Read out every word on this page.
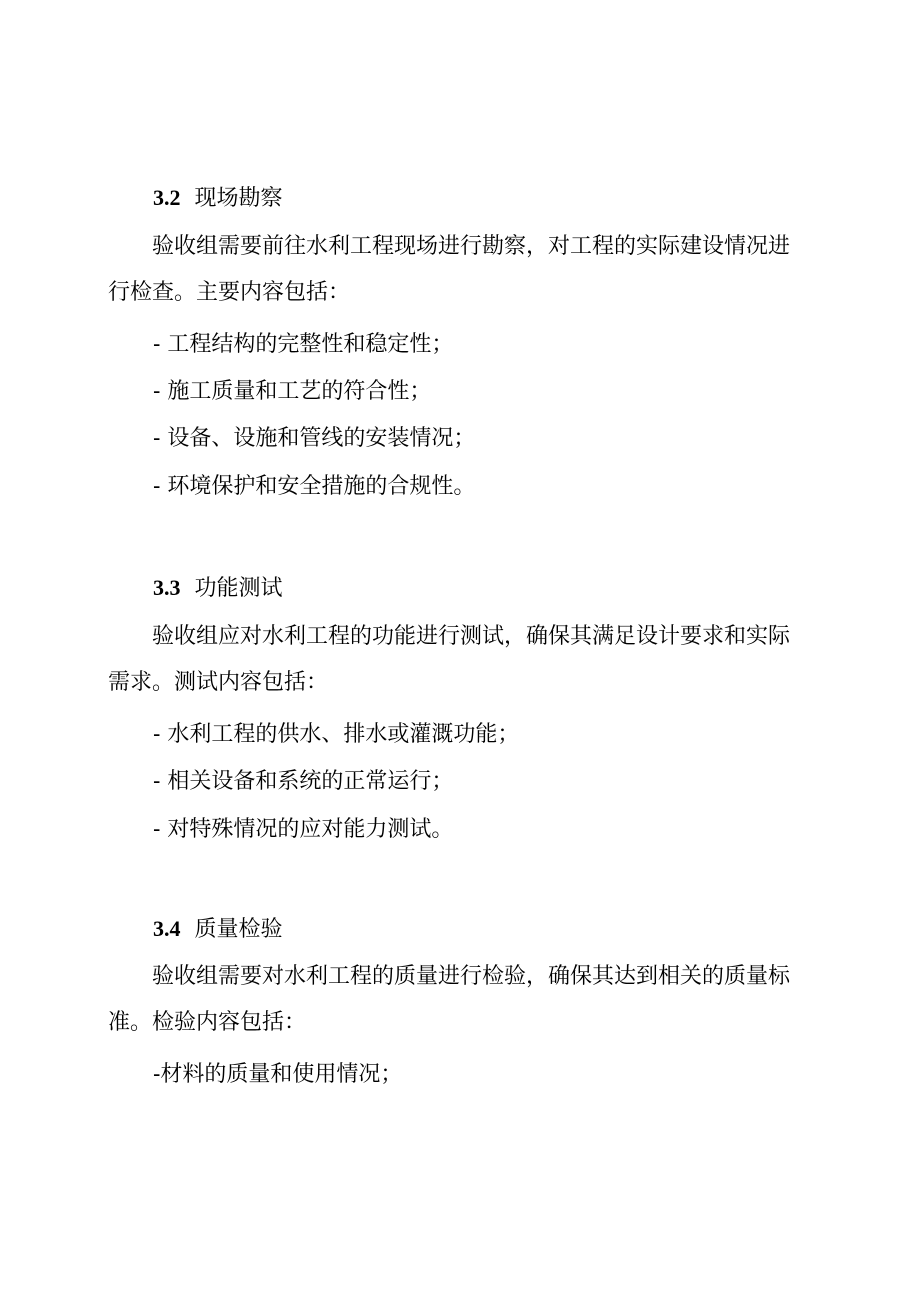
3.2 现场勘察

验收组需要前往水利工程现场进行勘察，对工程的实际建设情况进行检查。主要内容包括：

- 工程结构的完整性和稳定性；
- 施工质量和工艺的符合性；
- 设备、设施和管线的安装情况；
- 环境保护和安全措施的合规性。
3.3 功能测试

验收组应对水利工程的功能进行测试，确保其满足设计要求和实际需求。测试内容包括：

- 水利工程的供水、排水或灌溉功能；
- 相关设备和系统的正常运行；
- 对特殊情况的应对能力测试。
3.4 质量检验

验收组需要对水利工程的质量进行检验，确保其达到相关的质量标准。检验内容包括：

-材料的质量和使用情况；
